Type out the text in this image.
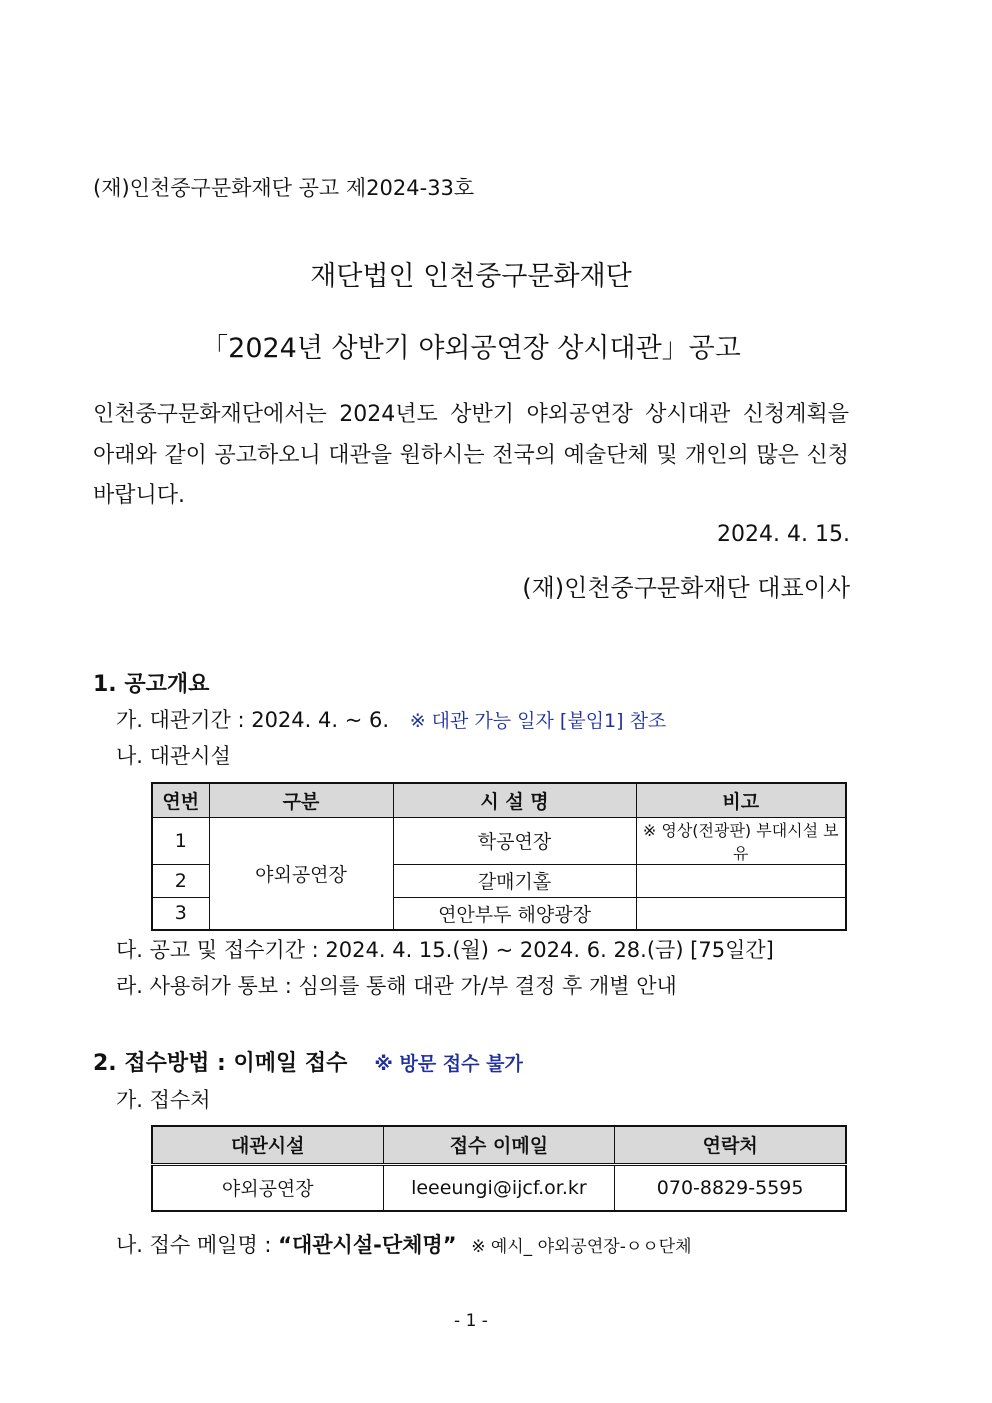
(재)인천중구문화재단 공고 제2024-33호
재단법인 인천중구문화재단
「2024년 상반기 야외공연장 상시대관」공고
인천중구문화재단에서는 2024년도 상반기 야외공연장 상시대관 신청계획을
아래와 같이 공고하오니 대관을 원하시는 전국의 예술단체 및 개인의 많은 신청
바랍니다.
2024. 4. 15.
(재)인천중구문화재단 대표이사
1. 공고개요
가. 대관기간 : 2024. 4. ~ 6. ※ 대관 가능 일자 [붙임1] 참조
나. 대관시설
연번	구분	시 설 명	비고
1	야외공연장	학공연장	※ 영상(전광판) 부대시설 보유
2		갈매기홀	
3		연안부두 해양광장	
다. 공고 및 접수기간 : 2024. 4. 15.(월) ~ 2024. 6. 28.(금) [75일간]
라. 사용허가 통보 : 심의를 통해 대관 가/부 결정 후 개별 안내
2. 접수방법 : 이메일 접수 ※ 방문 접수 불가
가. 접수처
대관시설	접수 이메일	연락처
야외공연장	leeeungi@ijcf.or.kr	070-8829-5595
나. 접수 메일명 : “대관시설-단체명” ※ 예시_ 야외공연장-ㅇㅇ단체
- 1 -
